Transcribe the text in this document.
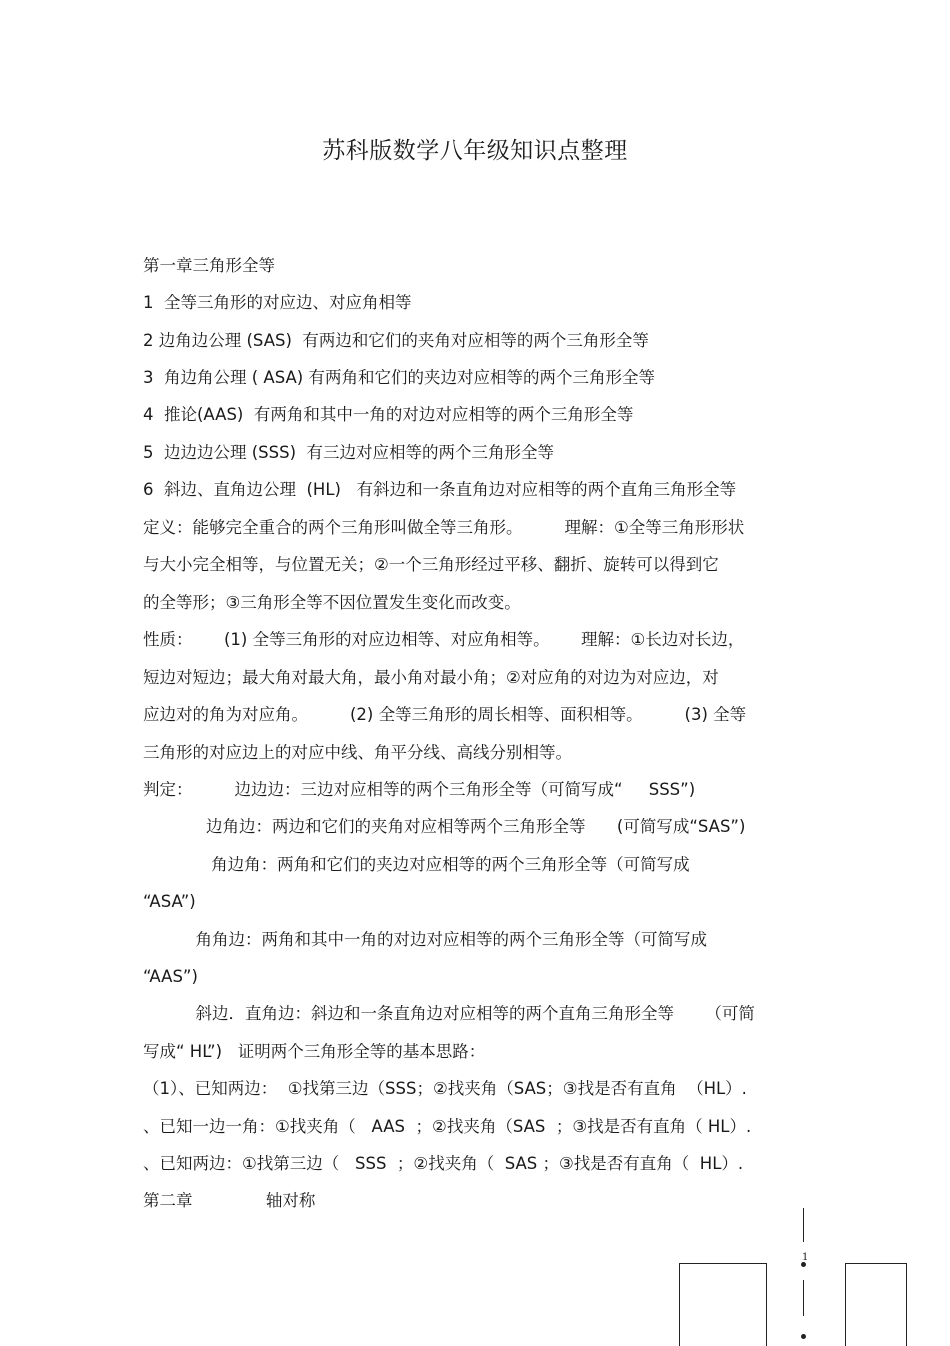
苏科版数学八年级知识点整理
第一章三角形全等
1  全等三角形的对应边、对应角相等
2 边角边公理 (SAS)  有两边和它们的夹角对应相等的两个三角形全等
3  角边角公理 ( ASA) 有两角和它们的夹边对应相等的两个三角形全等
4  推论(AAS)  有两角和其中一角的对边对应相等的两个三角形全等
5  边边边公理 (SSS)  有三边对应相等的两个三角形全等
6  斜边、直角边公理  (HL)   有斜边和一条直角边对应相等的两个直角三角形全等
定义：能够完全重合的两个三角形叫做全等三角形。        理解：①全等三角形形状
与大小完全相等，与位置无关；②一个三角形经过平移、翻折、旋转可以得到它
的全等形；③三角形全等不因位置发生变化而改变。
性质：      (1) 全等三角形的对应边相等、对应角相等。      理解：①长边对长边，
短边对短边；最大角对最大角，最小角对最小角；②对应角的对边为对应边，对
应边对的角为对应角。        (2) 全等三角形的周长相等、面积相等。        (3) 全等
三角形的对应边上的对应中线、角平分线、高线分别相等。
判定：        边边边：三边对应相等的两个三角形全等（可简写成“     SSS”)
边角边：两边和它们的夹角对应相等两个三角形全等      (可简写成“SAS”)
角边角：两角和它们的夹边对应相等的两个三角形全等（可简写成
“ASA”)
角角边：两角和其中一角的对边对应相等的两个三角形全等（可简写成
“AAS”)
斜边．直角边：斜边和一条直角边对应相等的两个直角三角形全等      （可简
写成“ HL”)   证明两个三角形全等的基本思路：
（1）、已知两边：  ①找第三边（SSS；②找夹角（SAS；③找是否有直角  （HL）.
、已知一边一角：①找夹角（   AAS  ；②找夹角（SAS  ；③找是否有直角（ HL）.
、已知两边：①找第三边（   SSS  ；②找夹角（  SAS ；③找是否有直角（  HL）.
第二章              轴对称
1
